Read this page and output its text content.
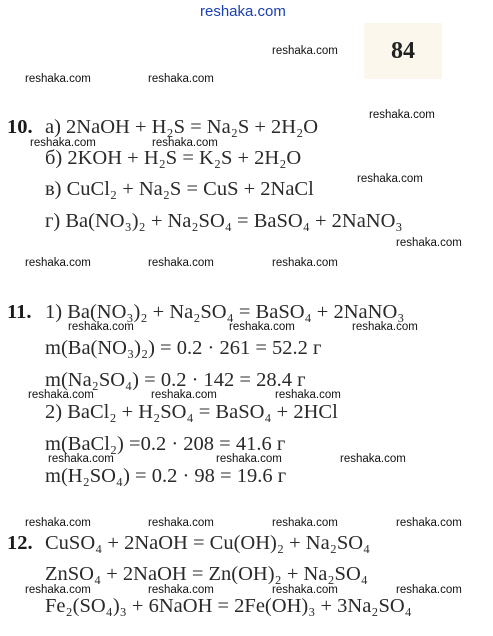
reshaka.com
84
reshaka.com
reshaka.com	reshaka.com
reshaka.com
reshaka.com	reshaka.com
reshaka.com
reshaka.com
reshaka.com	reshaka.com	reshaka.com
reshaka.com	reshaka.com	reshaka.com
reshaka.com	reshaka.com	reshaka.com
reshaka.com	reshaka.com	reshaka.com
reshaka.com	reshaka.com	reshaka.com	reshaka.com
reshaka.com	reshaka.com	reshaka.com	reshaka.com
10. а) 2NaOH + H₂S = Na₂S + 2H₂O
б) 2KOH + H₂S = K₂S + 2H₂O
в) CuCl₂ + Na₂S = CuS + 2NaCl
г) Ba(NO₃)₂ + Na₂SO₄ = BaSO₄ + 2NaNO₃
11. 1) Ba(NO₃)₂ + Na₂SO₄ = BaSO₄ + 2NaNO₃
m(Ba(NO₃)₂) = 0.2 · 261 = 52.2 г
m(Na₂SO₄) = 0.2 · 142 = 28.4 г
2) BaCl₂ + H₂SO₄ = BaSO₄ + 2HCl
m(BaCl₂) =0.2 · 208 = 41.6 г
m(H₂SO₄) = 0.2 · 98 = 19.6 г
12. CuSO₄ + 2NaOH = Cu(OH)₂ + Na₂SO₄
ZnSO₄ + 2NaOH = Zn(OH)₂ + Na₂SO₄
Fe₂(SO₄)₃ + 6NaOH = 2Fe(OH)₃ + 3Na₂SO₄
